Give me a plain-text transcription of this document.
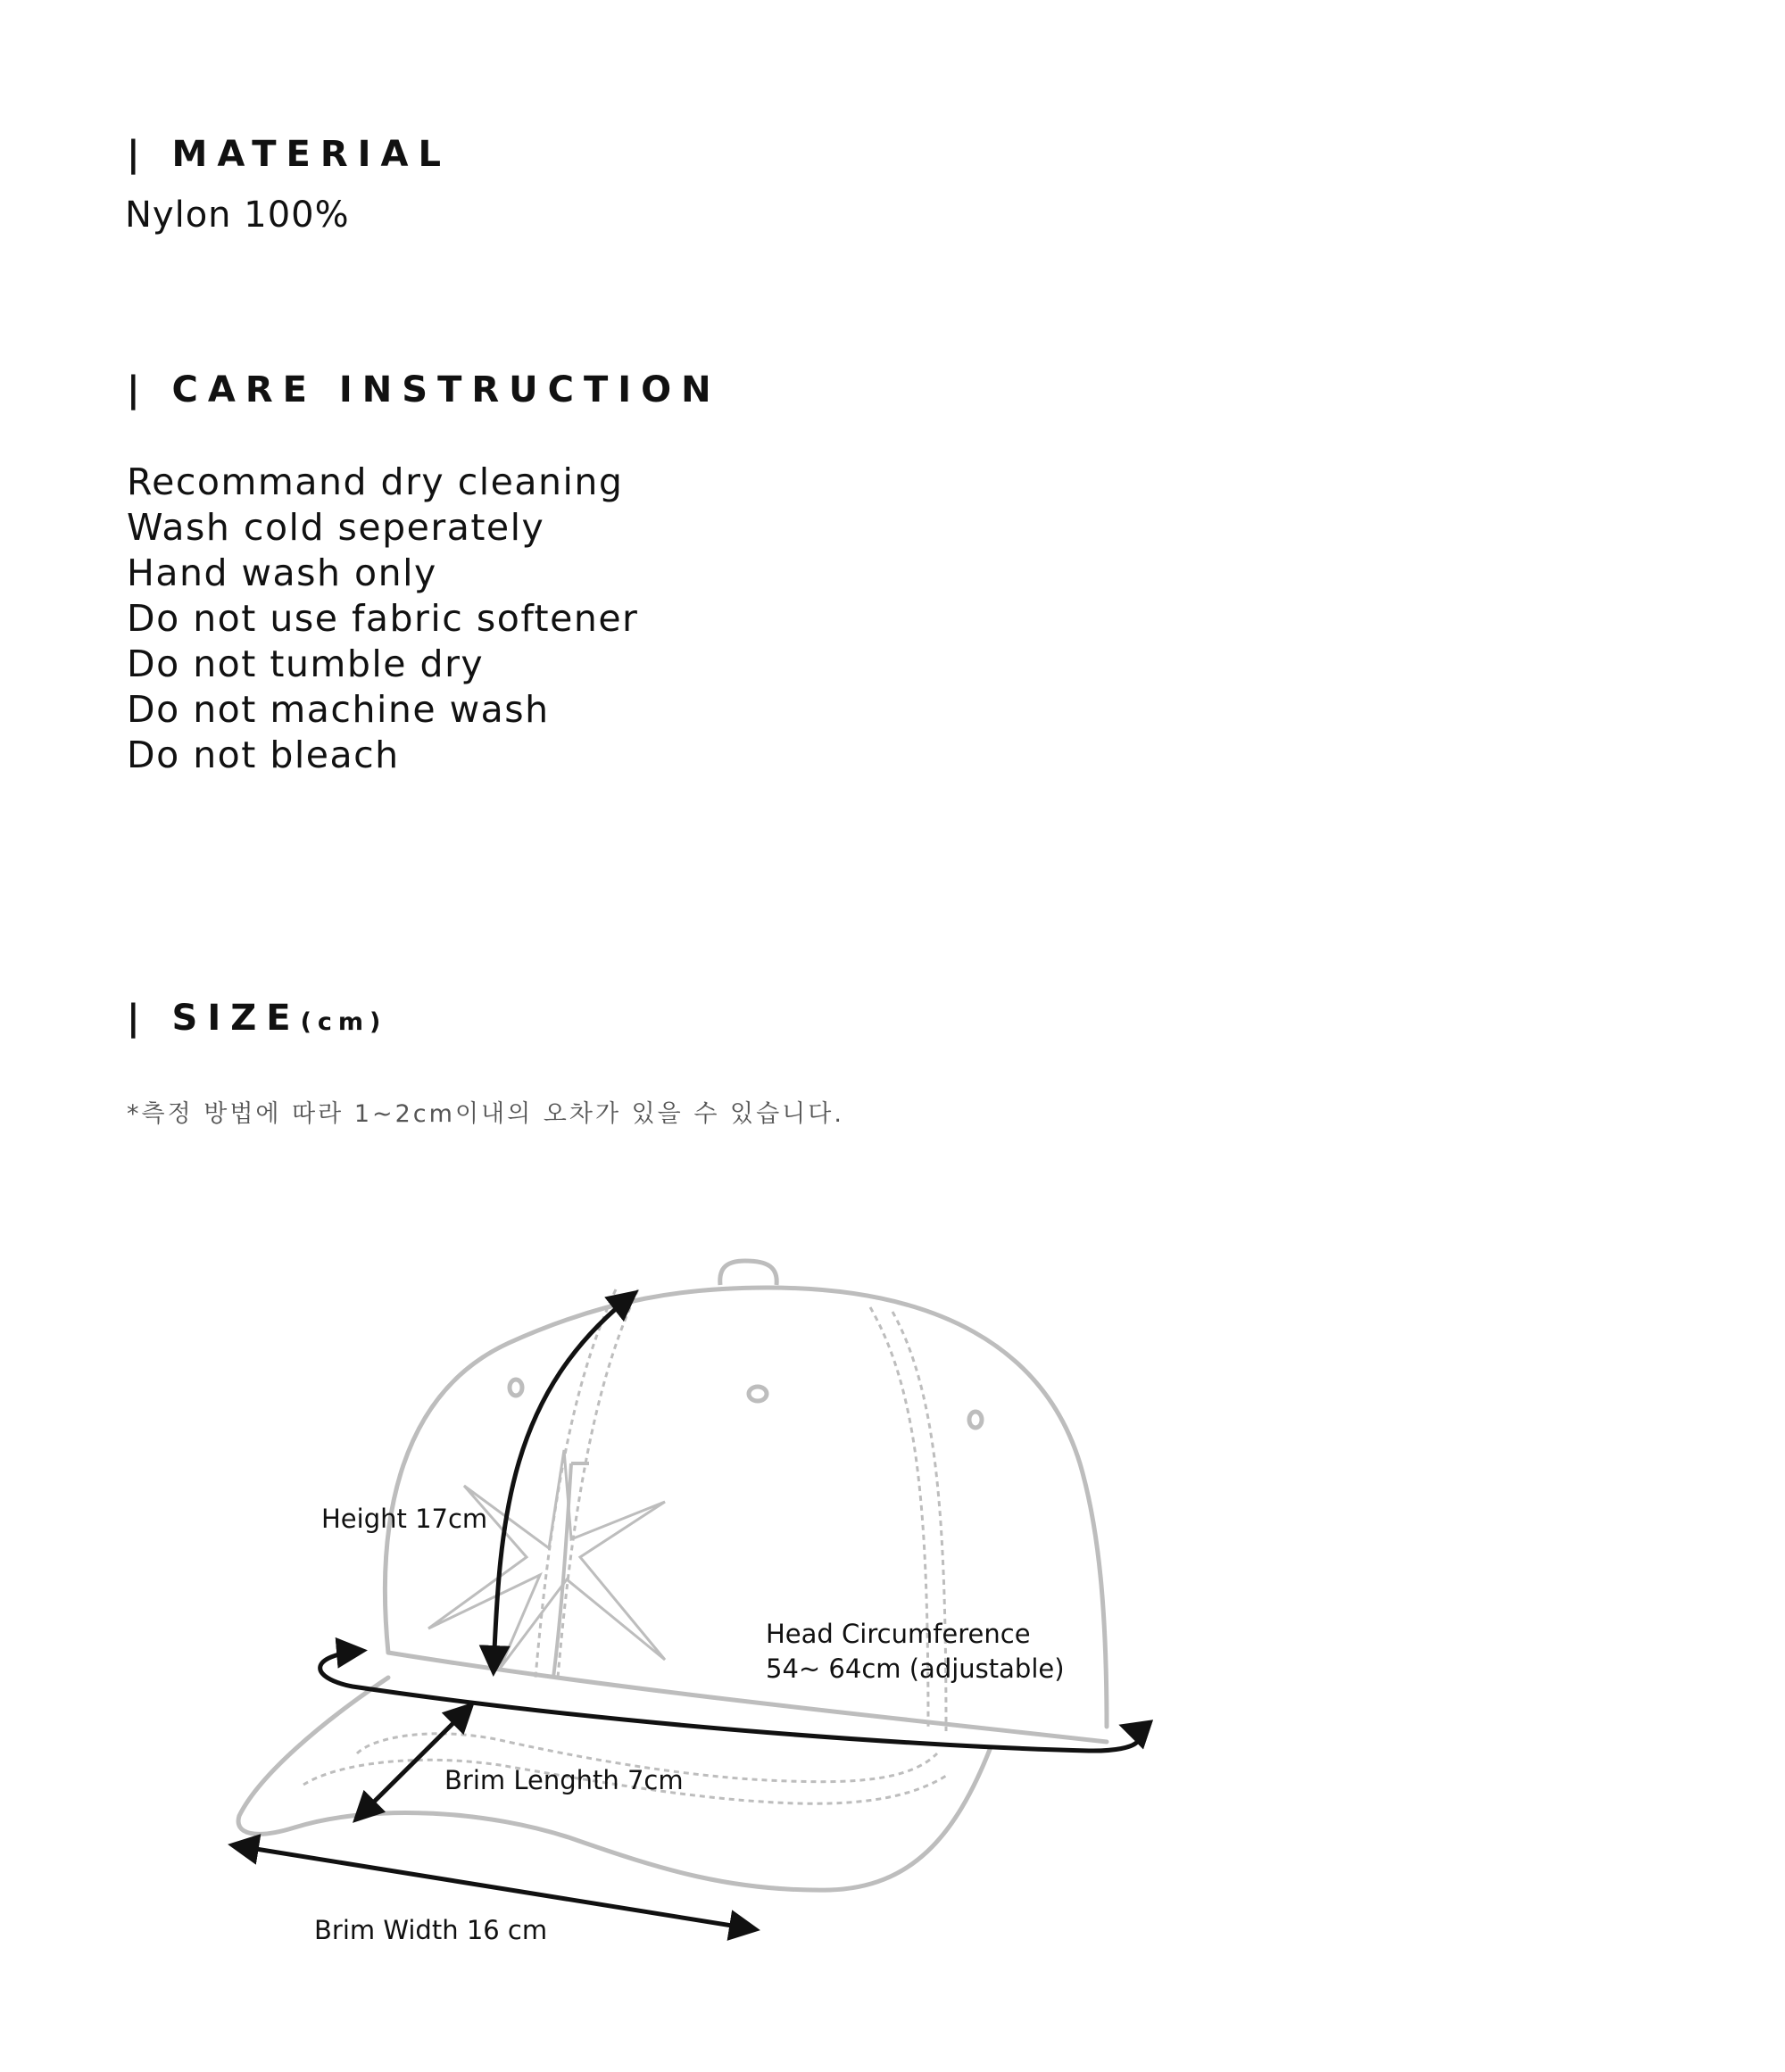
| MATERIAL

Nylon 100%

| CARE INSTRUCTION
Recommand dry cleaning
Wash cold seperately
Hand wash only
Do not use fabric softener
Do not tumble dry
Do not machine wash
Do not bleach
| SIZE(cm)

*측정 방법에 따라 1~2cm이내의 오차가 있을 수 있습니다.

Height 17cm
Head Circumference
54~ 64cm (adjustable)
Brim Lenghth 7cm
Brim Width 16 cm
